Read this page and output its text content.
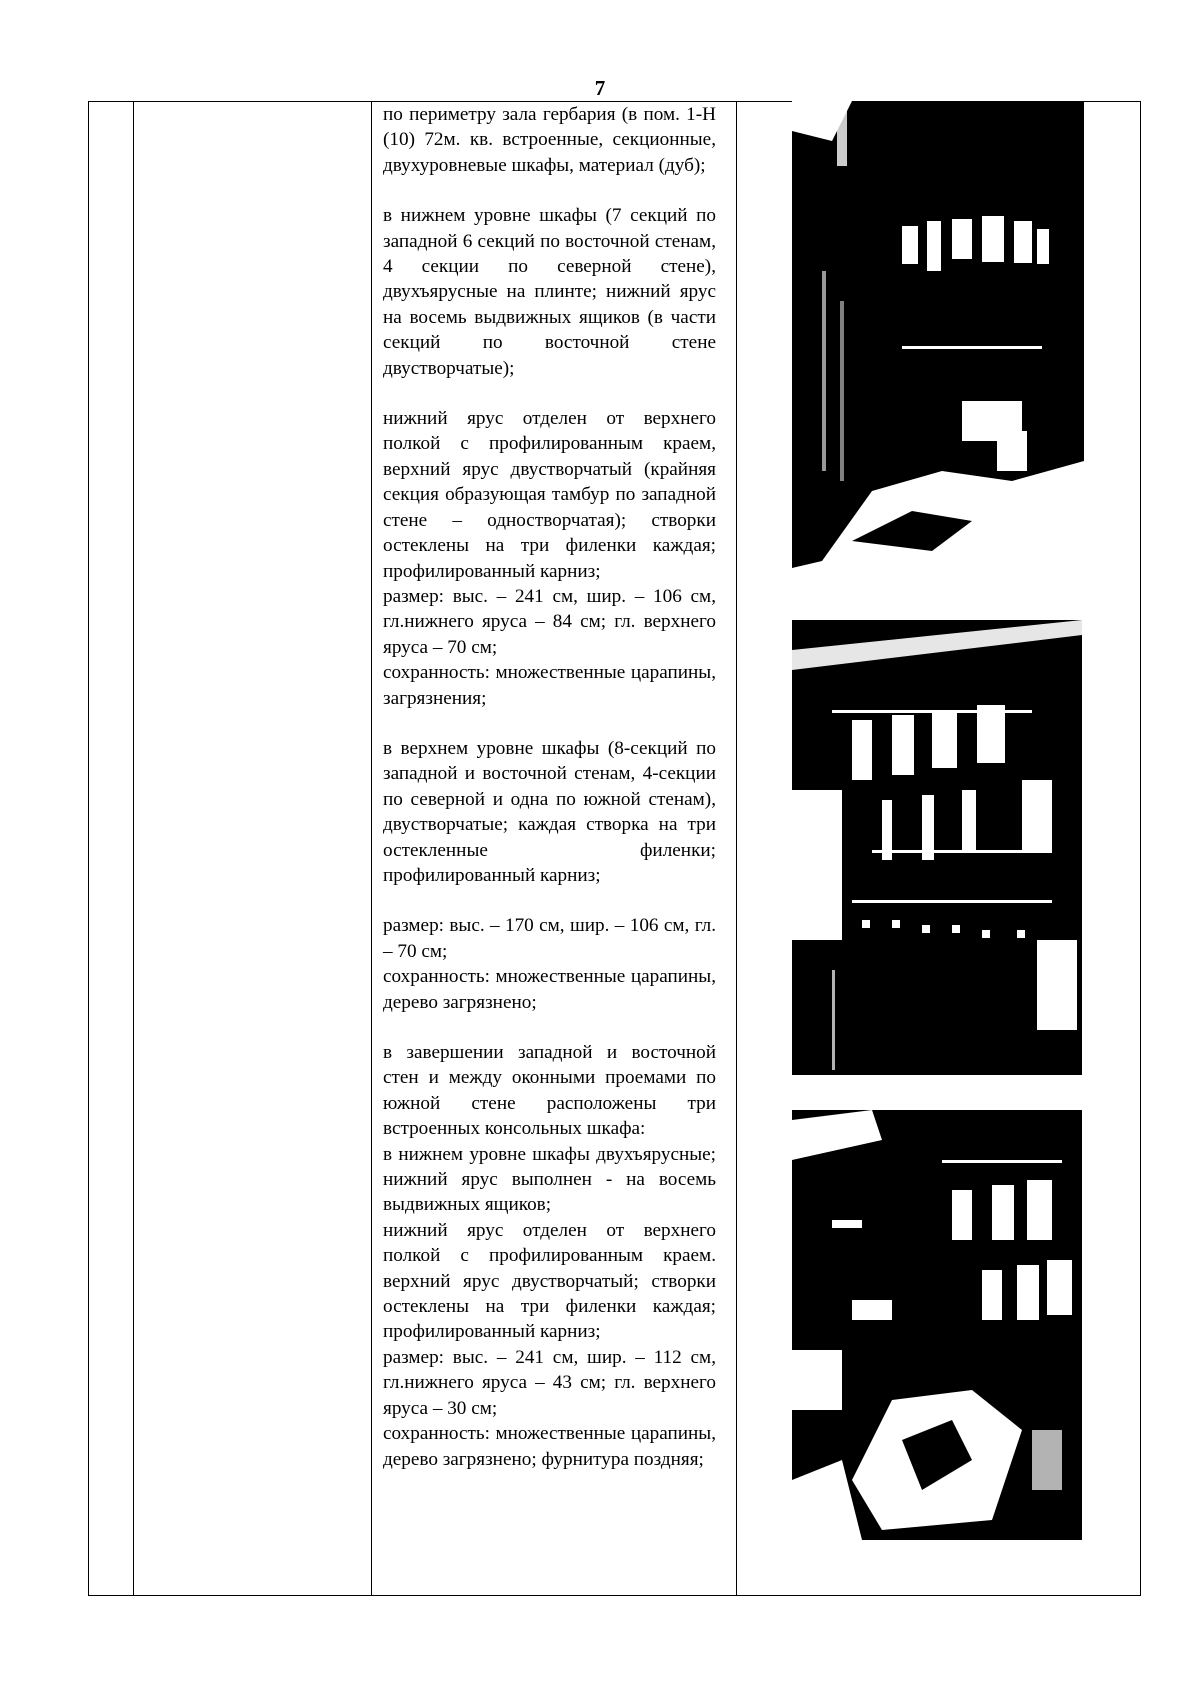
7

по периметру зала гербария (в пом. 1-Н (10) 72м. кв. встроенные, секционные, двухуровневые шкафы, материал (дуб);

в нижнем уровне шкафы (7 секций по западной 6 секций по восточной стенам, 4 секции по северной стене), двухъярусные на плинте; нижний ярус на восемь выдвижных ящиков (в части секций по восточной стене двустворчатые);

нижний ярус отделен от верхнего полкой с профилированным краем, верхний ярус двустворчатый (крайняя секция образующая тамбур по западной стене – одностворчатая); створки остеклены на три филенки каждая; профилированный карниз;

размер: выс. – 241 см, шир. – 106 см, гл.нижнего яруса – 84 см; гл. верхнего яруса – 70 см;

сохранность: множественные царапины, загрязнения;

в верхнем уровне шкафы (8-секций по западной и восточной стенам, 4-секции по северной и одна по южной стенам), двустворчатые; каждая створка на три остекленные филенки; профилированный карниз;

размер: выс. – 170 см, шир. – 106 см, гл. – 70 см;

сохранность: множественные царапины, дерево загрязнено;

в завершении западной и восточной стен и между оконными проемами по южной стене расположены три встроенных консольных шкафа:

в нижнем уровне шкафы двухъярусные; нижний ярус выполнен - на восемь выдвижных ящиков;

нижний ярус отделен от верхнего полкой с профилированным краем. верхний ярус двустворчатый; створки остеклены на три филенки каждая; профилированный карниз;

размер: выс. – 241 см, шир. – 112 см, гл.нижнего яруса – 43 см; гл. верхнего яруса – 30 см;

сохранность: множественные царапины, дерево загрязнено; фурнитура поздняя;
